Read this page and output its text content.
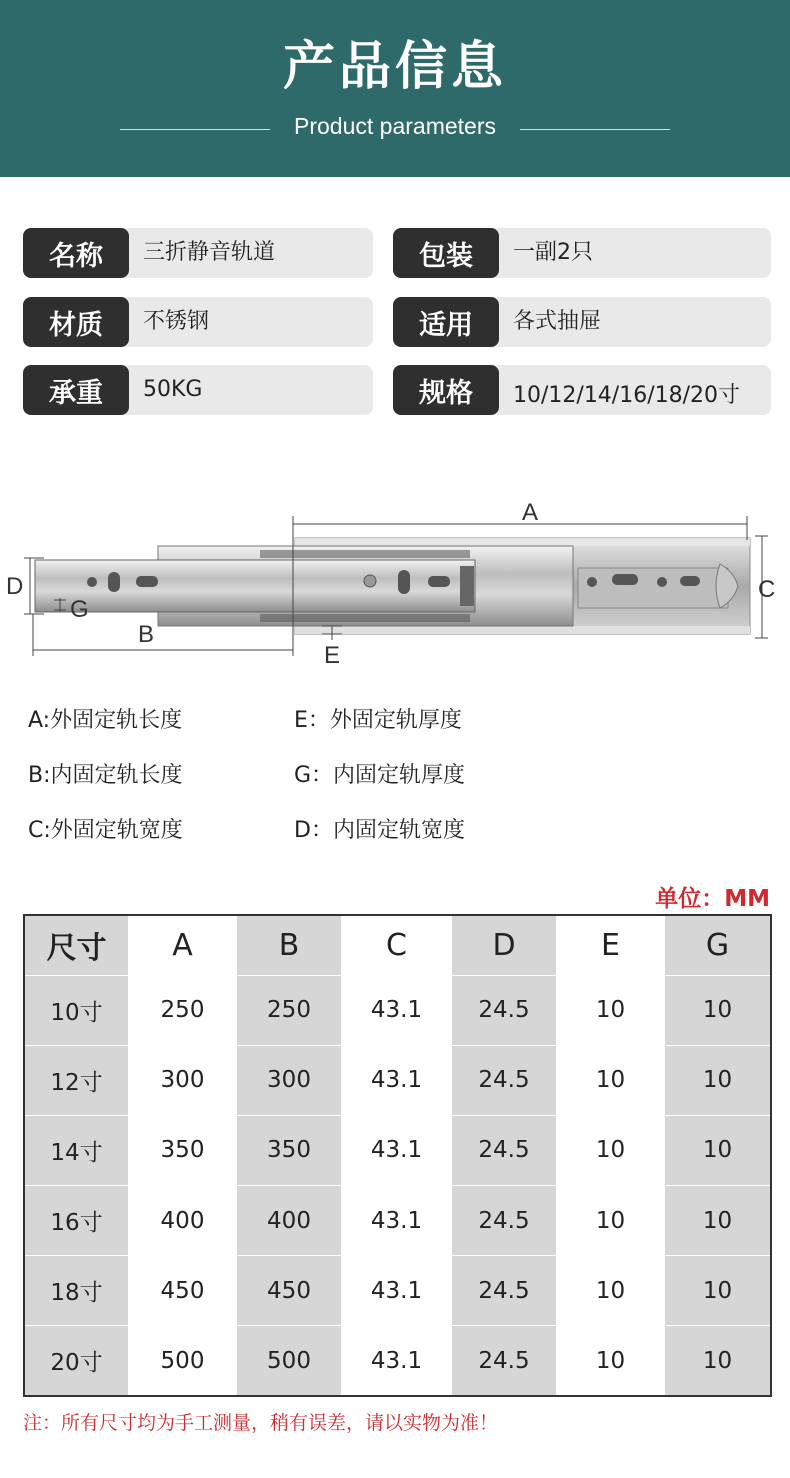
产品信息
Product parameters
名称	三折静音轨道	包装	一副2只
材质	不锈钢	适用	各式抽屉
承重	50KG	规格	10/12/14/16/18/20寸
A
C
D
G
B
E
A:外固定轨长度	E：外固定轨厚度
B:内固定轨长度	G：内固定轨厚度
C:外固定轨宽度	D：内固定轨宽度
单位：MM
尺寸	A	B	C	D	E	G
10寸	250	250	43.1	24.5	10	10
12寸	300	300	43.1	24.5	10	10
14寸	350	350	43.1	24.5	10	10
16寸	400	400	43.1	24.5	10	10
18寸	450	450	43.1	24.5	10	10
20寸	500	500	43.1	24.5	10	10
注：所有尺寸均为手工测量，稍有误差，请以实物为准！
